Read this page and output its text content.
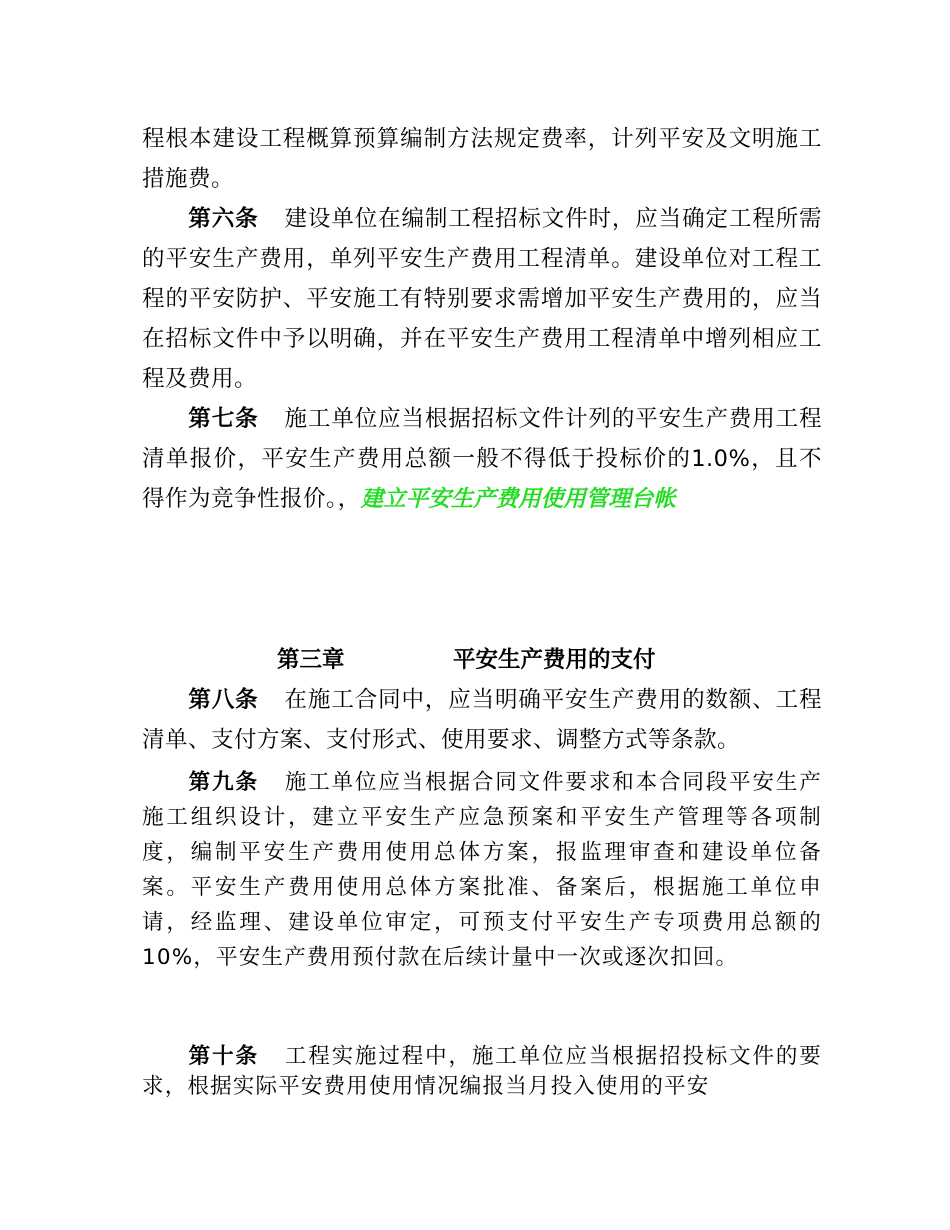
程根本建设工程概算预算编制方法规定费率，计列平安及文明施工措施费。

第六条 建设单位在编制工程招标文件时，应当确定工程所需的平安生产费用，单列平安生产费用工程清单。建设单位对工程工程的平安防护、平安施工有特别要求需增加平安生产费用的，应当在招标文件中予以明确，并在平安生产费用工程清单中增列相应工程及费用。

第七条 施工单位应当根据招标文件计列的平安生产费用工程清单报价，平安生产费用总额一般不得低于投标价的1.0%，且不得作为竞争性报价。，建立平安生产费用使用管理台帐

第三章	平安生产费用的支付

第八条 在施工合同中，应当明确平安生产费用的数额、工程清单、支付方案、支付形式、使用要求、调整方式等条款。

第九条 施工单位应当根据合同文件要求和本合同段平安生产施工组织设计，建立平安生产应急预案和平安生产管理等各项制度，编制平安生产费用使用总体方案，报监理审查和建设单位备案。平安生产费用使用总体方案批准、备案后，根据施工单位申请，经监理、建设单位审定，可预支付平安生产专项费用总额的10%，平安生产费用预付款在后续计量中一次或逐次扣回。

第十条 工程实施过程中，施工单位应当根据招投标文件的要求，根据实际平安费用使用情况编报当月投入使用的平安
